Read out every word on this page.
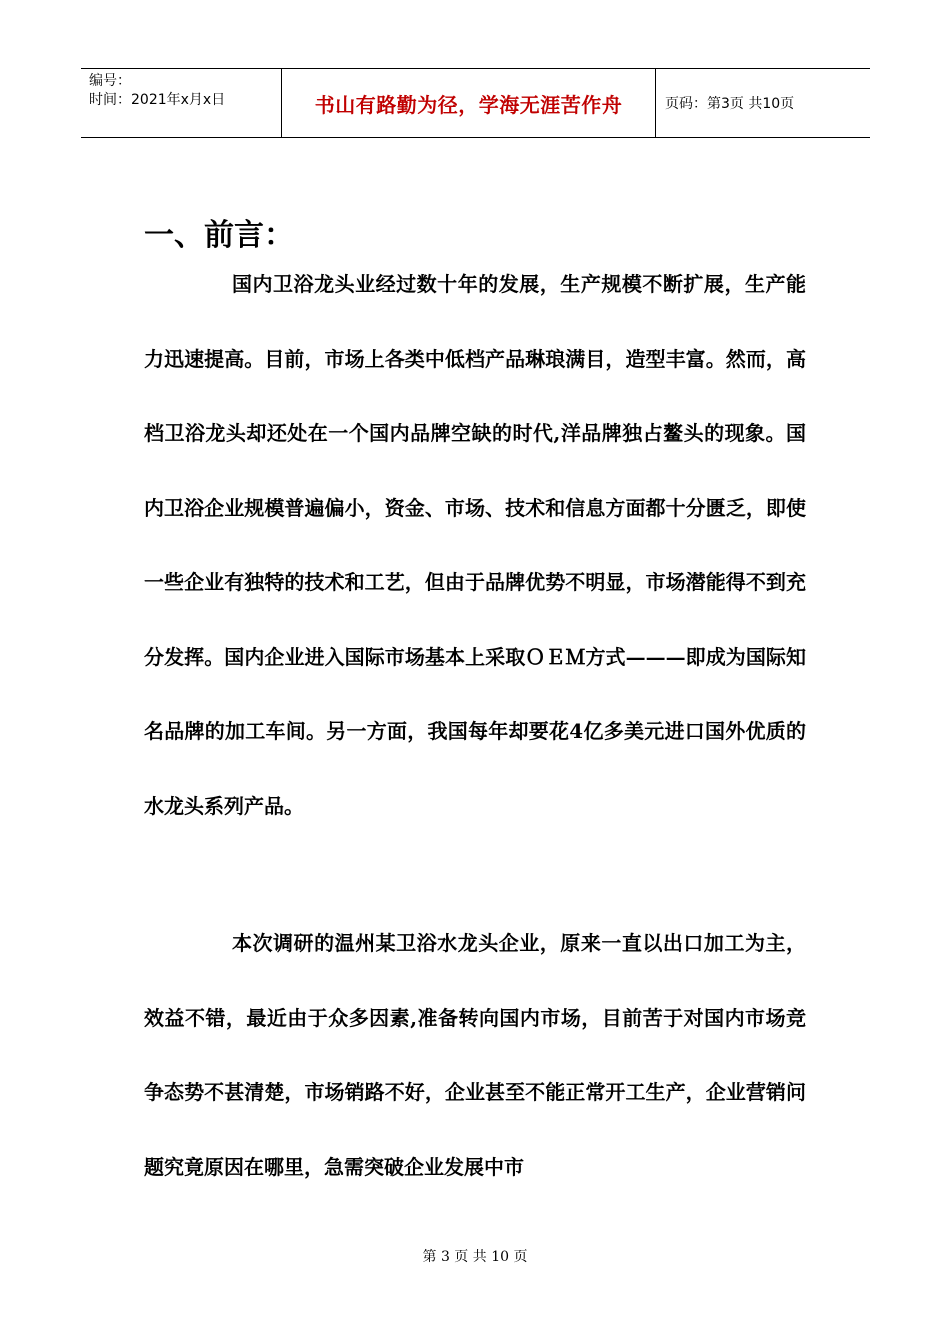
编号：
时间：2021年x月x日	书山有路勤为径，学海无涯苦作舟	页码：第3页 共10页
一、前言：

国内卫浴龙头业经过数十年的发展，生产规模不断扩展，生产能力迅速提高。目前，市场上各类中低档产品琳琅满目，造型丰富。然而，高档卫浴龙头却还处在一个国内品牌空缺的时代,洋品牌独占鳌头的现象。国内卫浴企业规模普遍偏小，资金、市场、技术和信息方面都十分匮乏，即使一些企业有独特的技术和工艺，但由于品牌优势不明显，市场潜能得不到充分发挥。国内企业进入国际市场基本上采取ＯＥＭ方式———即成为国际知名品牌的加工车间。另一方面，我国每年却要花4亿多美元进口国外优质的水龙头系列产品。

本次调研的温州某卫浴水龙头企业，原来一直以出口加工为主，效益不错，最近由于众多因素,准备转向国内市场，目前苦于对国内市场竞争态势不甚清楚，市场销路不好，企业甚至不能正常开工生产，企业营销问题究竟原因在哪里，急需突破企业发展中市

第 3 页 共 10 页
